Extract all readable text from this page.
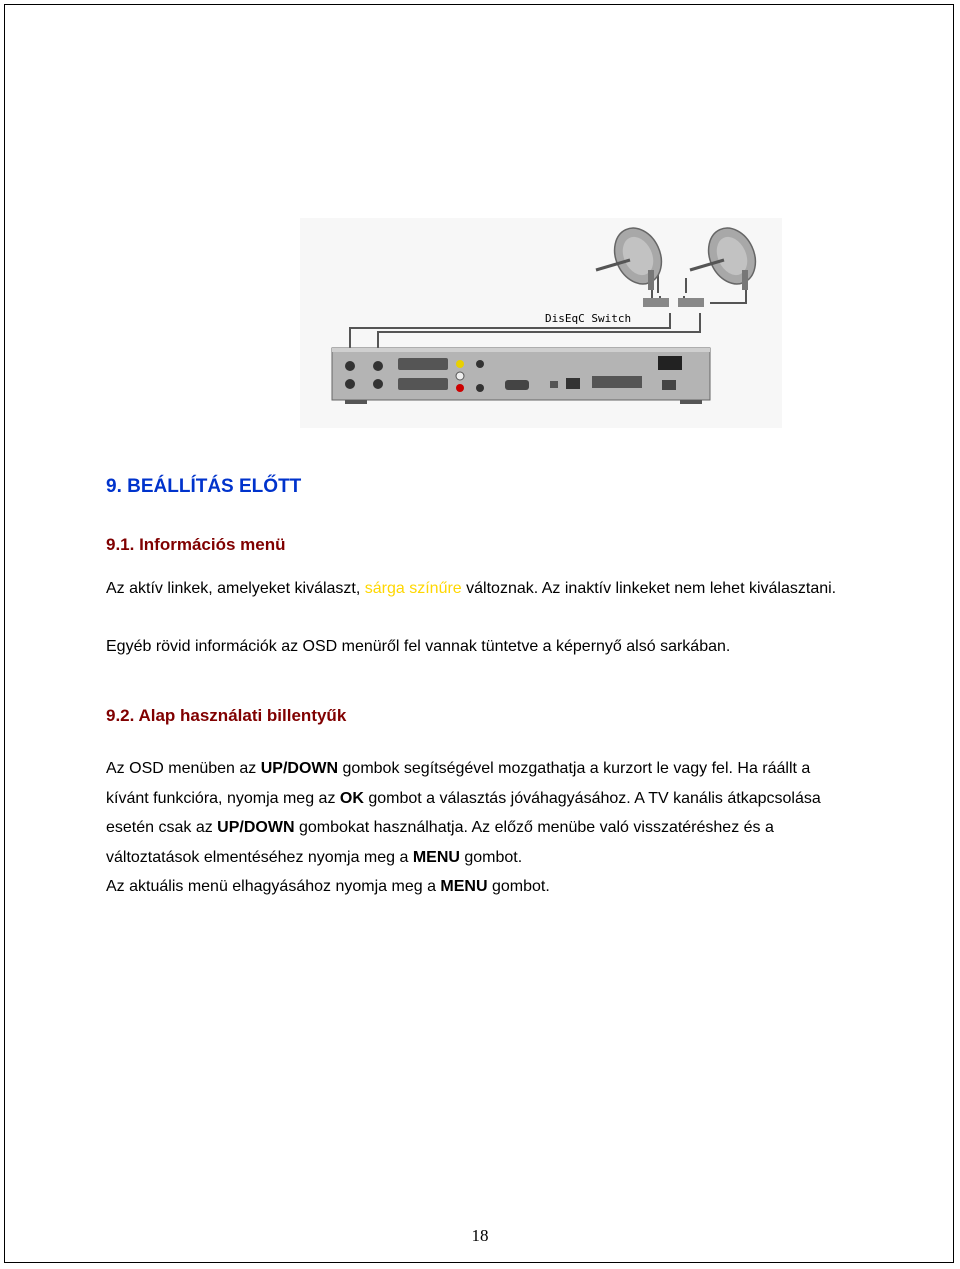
DisEqC Switch
9. BEÁLLÍTÁS ELŐTT
9.1. Információs menü

Az aktív linkek, amelyeket kiválaszt, sárga színűre változnak. Az inaktív linkeket nem lehet kiválasztani.

Egyéb rövid információk az OSD menüről fel vannak tüntetve a képernyő alsó sarkában.

9.2. Alap használati billentyűk

Az OSD menüben az UP/DOWN gombok segítségével mozgathatja a kurzort le vagy fel. Ha ráállt a kívánt funkcióra, nyomja meg az OK gombot a választás jóváhagyásához. A TV kanális átkapcsolása esetén csak az UP/DOWN gombokat használhatja. Az előző menübe való visszatéréshez és a változtatások elmentéséhez nyomja meg a MENU gombot.
Az aktuális menü elhagyásához nyomja meg a MENU gombot.

18
